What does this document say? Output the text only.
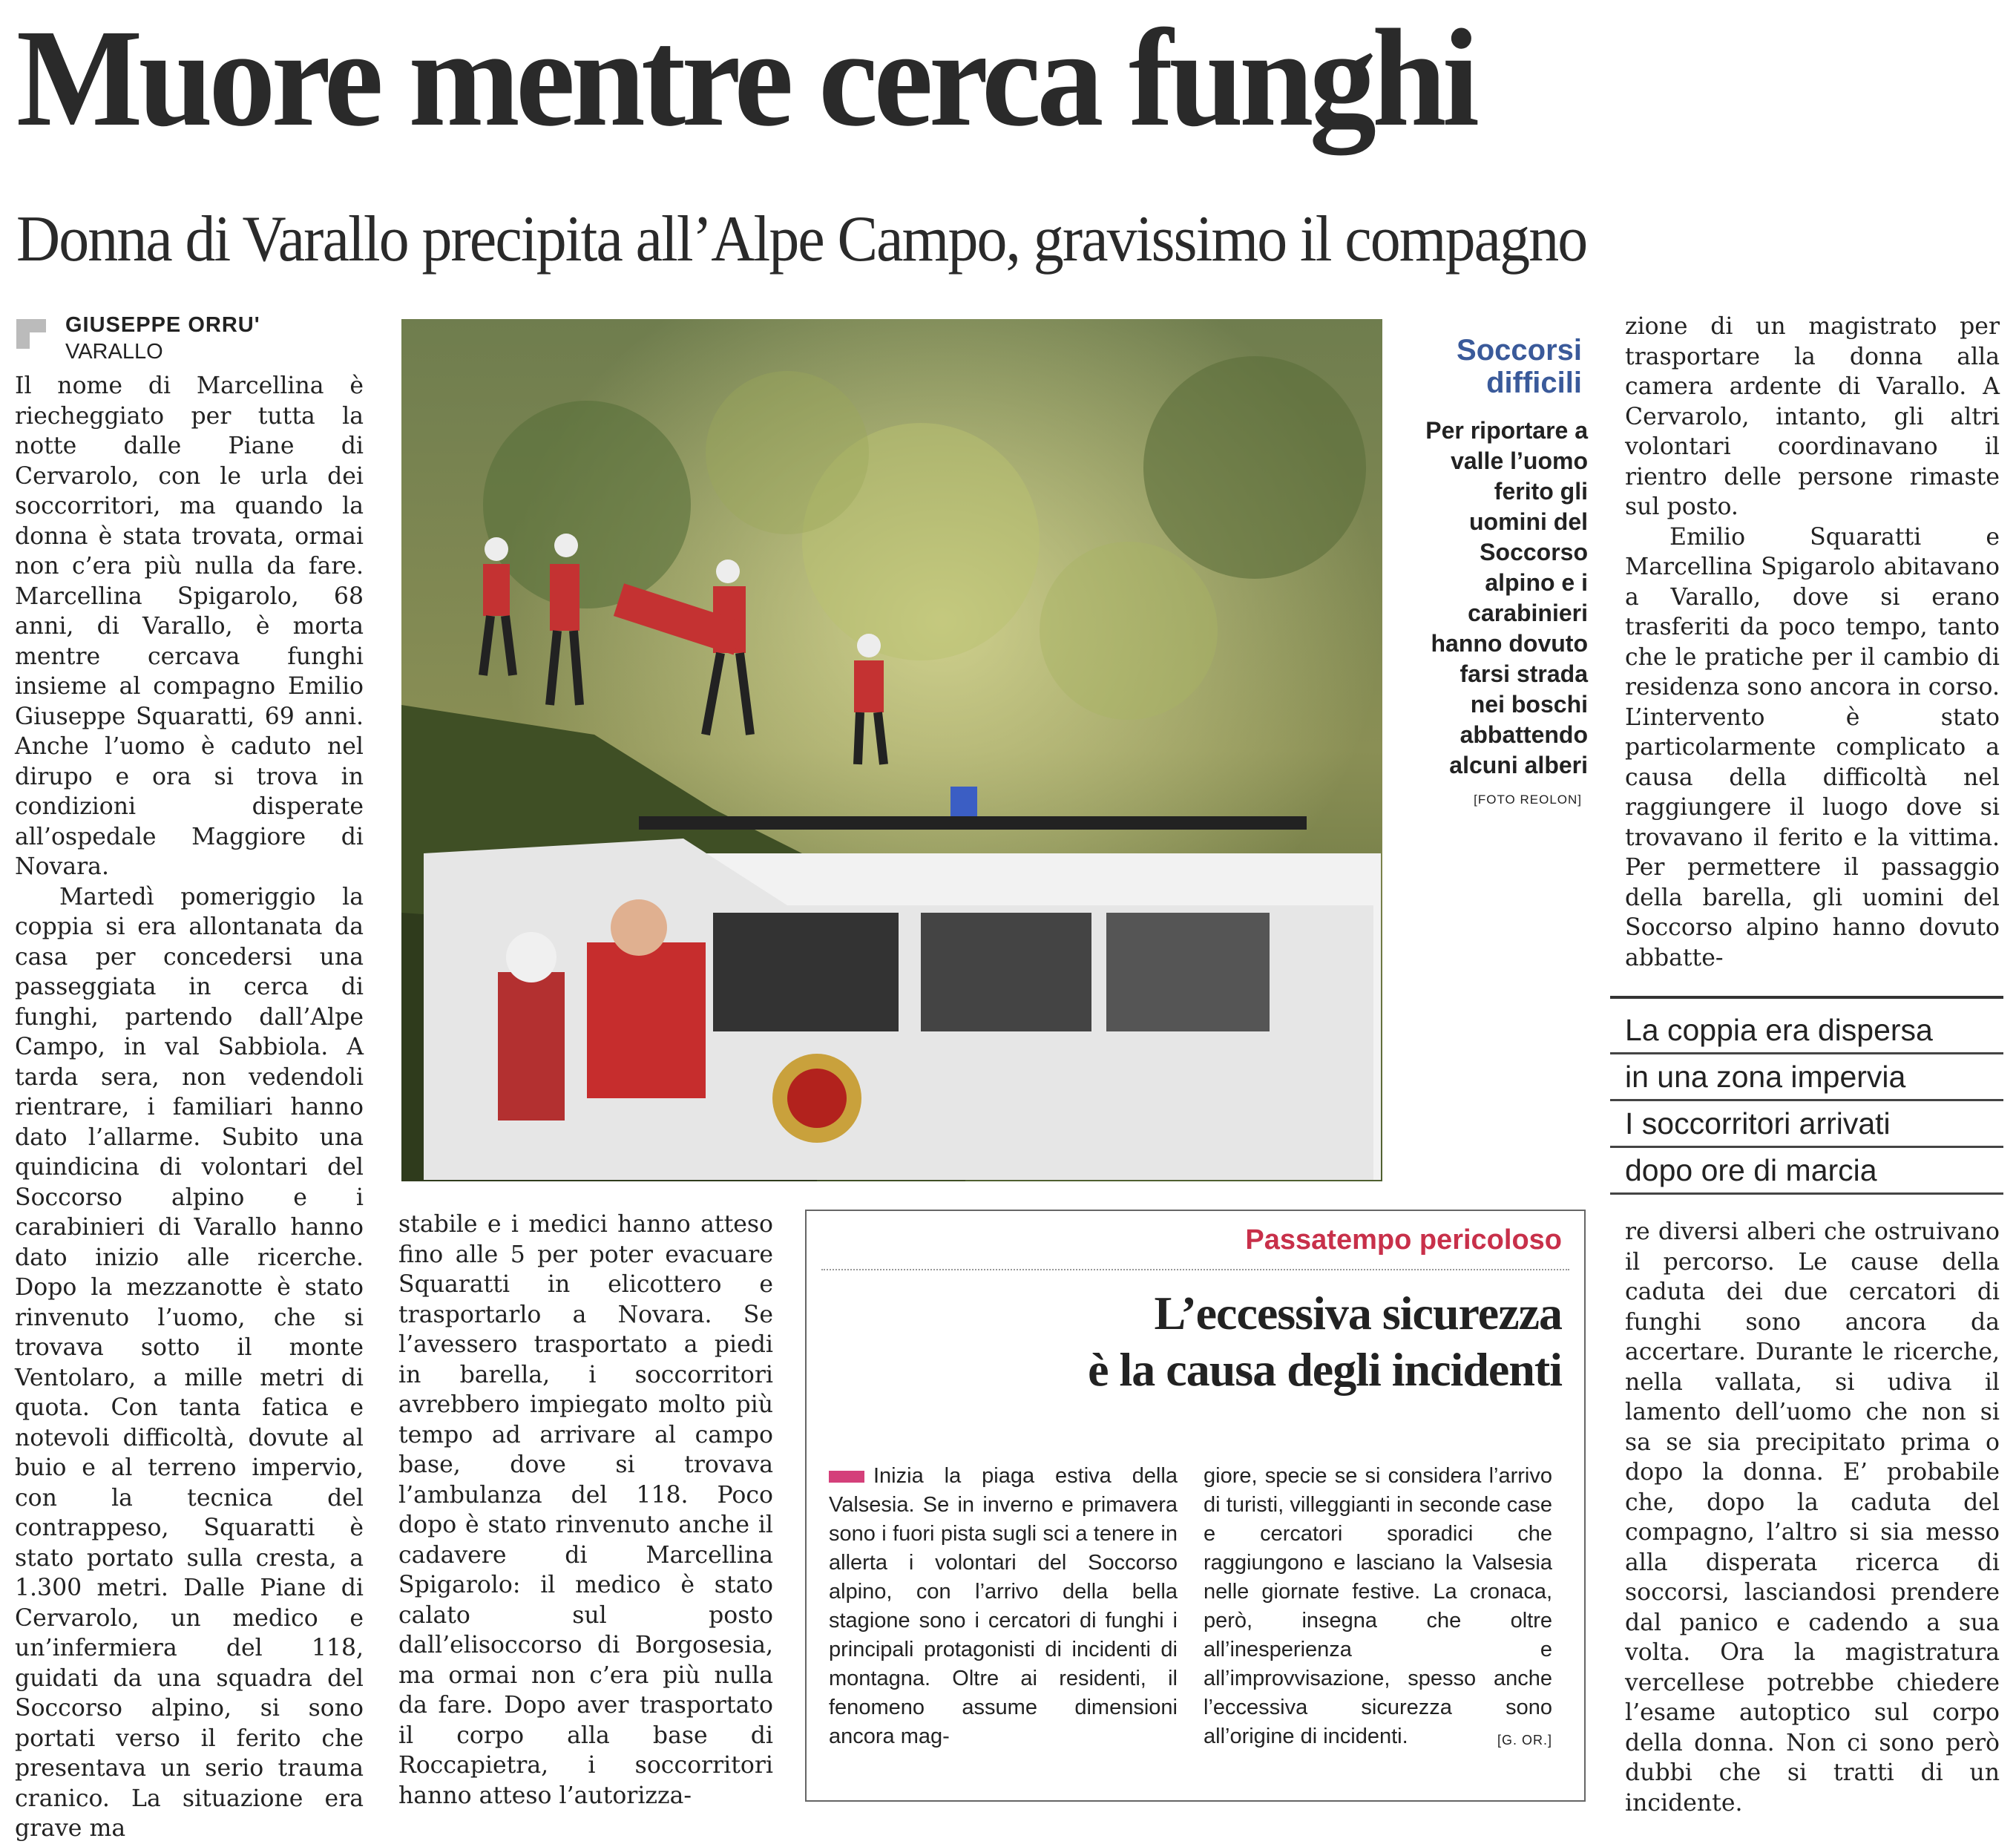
Muore mentre cerca funghi
Donna di Varallo precipita all’Alpe Campo, gravissimo il compagno
GIUSEPPE ORRU'
VARALLO

Il nome di Marcellina è riecheggiato per tutta la notte dalle Piane di Cervarolo, con le urla dei soccorritori, ma quando la donna è stata trovata, ormai non c’era più nulla da fare. Marcellina Spigarolo, 68 anni, di Varallo, è morta mentre cercava funghi insieme al compagno Emilio Giuseppe Squaratti, 69 anni. Anche l’uomo è caduto nel dirupo e ora si trova in condizioni disperate all’ospedale Maggiore di Novara.

Martedì pomeriggio la coppia si era allontanata da casa per concedersi una passeggiata in cerca di funghi, partendo dall’Alpe Campo, in val Sabbiola. A tarda sera, non vedendoli rientrare, i familiari hanno dato l’allarme. Subito una quindicina di volontari del Soccorso alpino e i carabinieri di Varallo hanno dato inizio alle ricerche. Dopo la mezzanotte è stato rinvenuto l’uomo, che si trovava sotto il monte Ventolaro, a mille metri di quota. Con tanta fatica e notevoli difficoltà, dovute al buio e al terreno impervio, con la tecnica del contrappeso, Squaratti è stato portato sulla cresta, a 1.300 metri. Dalle Piane di Cervarolo, un medico e un’infermiera del 118, guidati da una squadra del Soccorso alpino, si sono portati verso il ferito che presentava un serio trauma cranico. La situazione era grave ma

Soccorsi
difficili
Per riportare a
valle l’uomo
ferito gli
uomini del
Soccorso
alpino e i
carabinieri
hanno dovuto
farsi strada
nei boschi
abbattendo
alcuni alberi
[FOTO REOLON]

zione di un magistrato per trasportare la donna alla camera ardente di Varallo. A Cervarolo, intanto, gli altri volontari coordinavano il rientro delle persone rimaste sul posto.

Emilio Squaratti e Marcellina Spigarolo abitavano a Varallo, dove si erano trasferiti da poco tempo, tanto che le pratiche per il cambio di residenza sono ancora in corso. L’intervento è stato particolarmente complicato a causa della difficoltà nel raggiungere il luogo dove si trovavano il ferito e la vittima. Per permettere il passaggio della barella, gli uomini del Soccorso alpino hanno dovuto abbatte-

La coppia era dispersa
in una zona impervia
I soccorritori arrivati
dopo ore di marcia

re diversi alberi che ostruivano il percorso. Le cause della caduta dei due cercatori di funghi sono ancora da accertare. Durante le ricerche, nella vallata, si udiva il lamento dell’uomo che non si sa se sia precipitato prima o dopo la donna. E’ probabile che, dopo la caduta del compagno, l’altro si sia messo alla disperata ricerca di soccorsi, lasciandosi prendere dal panico e cadendo a sua volta. Ora la magistratura vercellese potrebbe chiedere l’esame autoptico sul corpo della donna. Non ci sono però dubbi che si tratti di un incidente.

stabile e i medici hanno atteso fino alle 5 per poter evacuare Squaratti in elicottero e trasportarlo a Novara. Se l’avessero trasportato a piedi in barella, i soccorritori avrebbero impiegato molto più tempo ad arrivare al campo base, dove si trovava l’ambulanza del 118. Poco dopo è stato rinvenuto anche il cadavere di Marcellina Spigarolo: il medico è stato calato sul posto dall’elisoccorso di Borgosesia, ma ormai non c’era più nulla da fare. Dopo aver trasportato il corpo alla base di Roccapietra, i soccorritori hanno atteso l’autorizza-

Passatempo pericoloso
L’eccessiva sicurezza
è la causa degli incidenti
Inizia la piaga estiva della Valsesia. Se in inverno e primavera sono i fuori pista sugli sci a tenere in allerta i volontari del Soccorso alpino, con l’arrivo della bella stagione sono i cercatori di funghi i principali protagonisti di incidenti di montagna. Oltre ai residenti, il fenomeno assume dimensioni ancora mag-
giore, specie se si considera l’arrivo di turisti, villeggianti in seconde case e cercatori sporadici che raggiungono e lasciano la Valsesia nelle giornate festive. La cronaca, però, insegna che oltre all’inesperienza e all’improvvisazione, spesso anche l’eccessiva sicurezza sono all’origine di incidenti.	[G. OR.]
